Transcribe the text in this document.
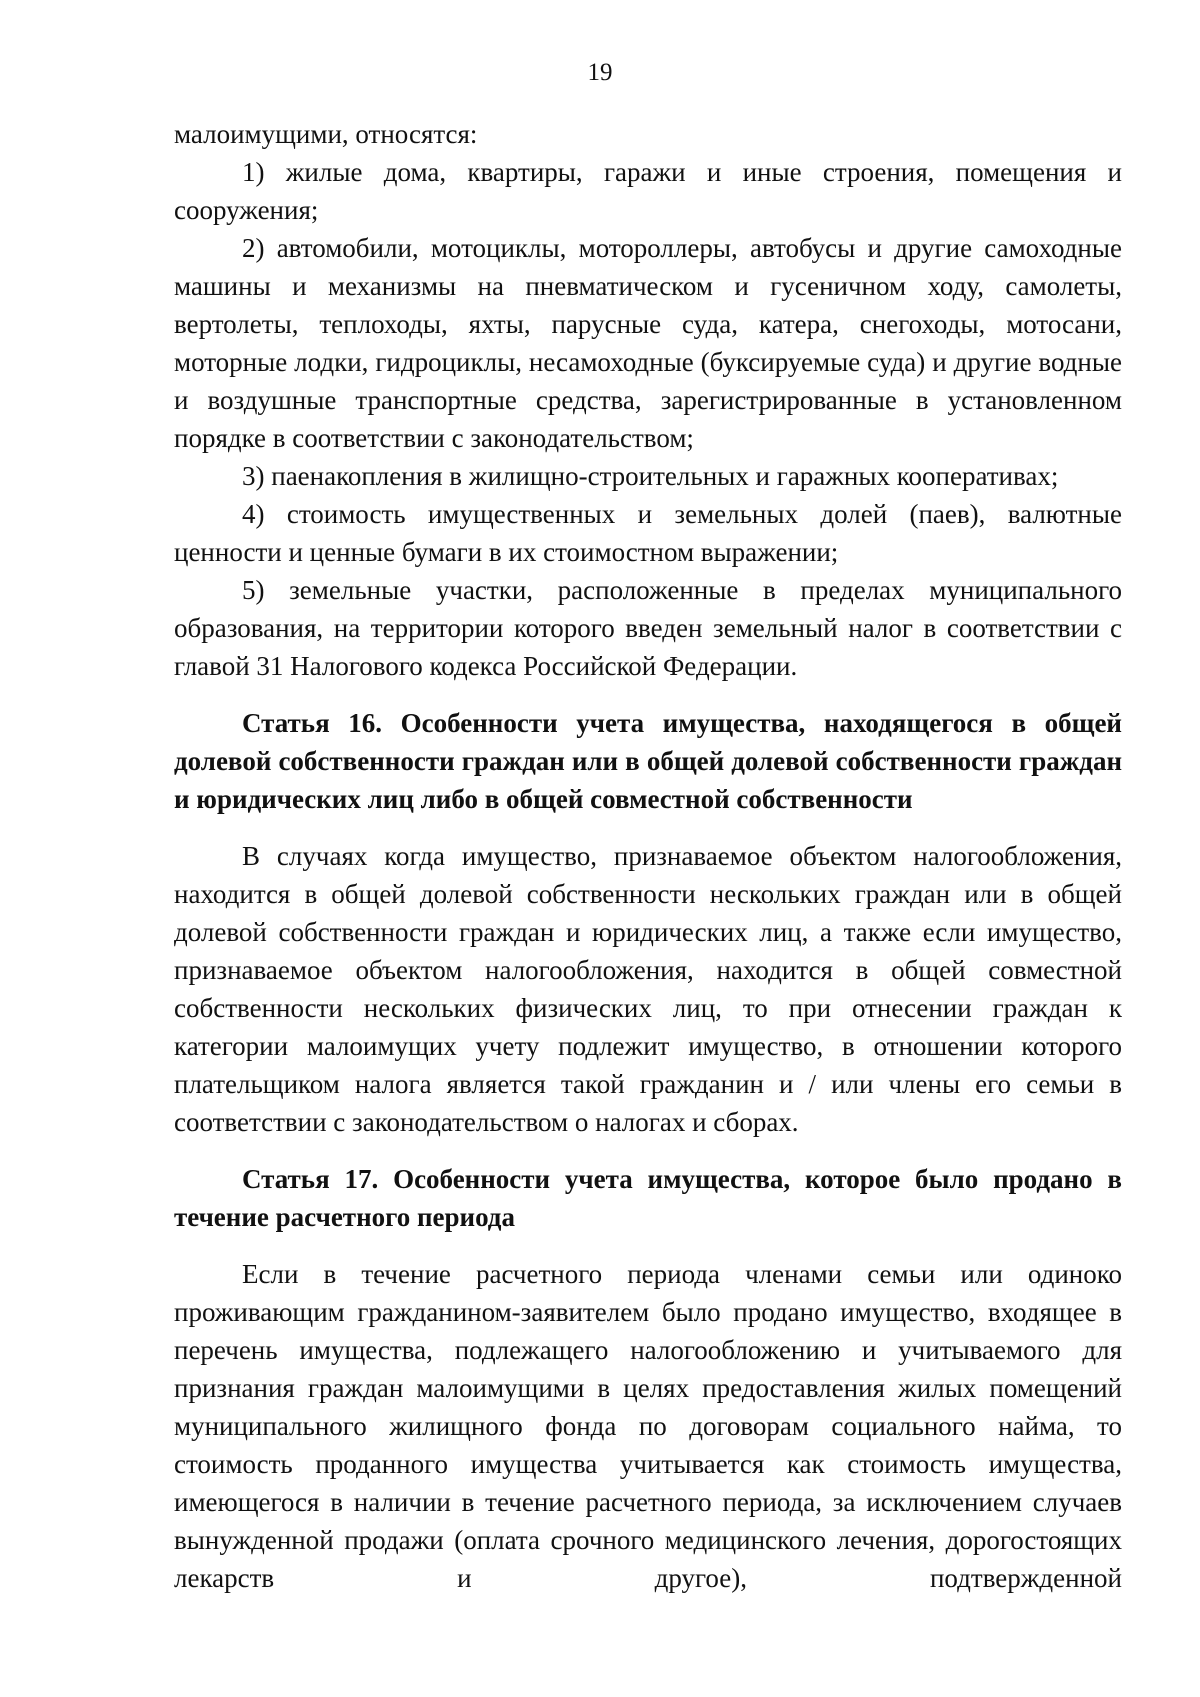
19

малоимущими, относятся:

1) жилые дома, квартиры, гаражи и иные строения, помещения и сооружения;

2) автомобили, мотоциклы, мотороллеры, автобусы и другие самоходные машины и механизмы на пневматическом и гусеничном ходу, самолеты, вертолеты, теплоходы, яхты, парусные суда, катера, снегоходы, мотосани, моторные лодки, гидроциклы, несамоходные (буксируемые суда) и другие водные и воздушные транспортные средства, зарегистрированные в установленном порядке в соответствии с законодательством;

3) паенакопления в жилищно-строительных и гаражных кооперативах;

4) стоимость имущественных и земельных долей (паев), валютные ценности и ценные бумаги в их стоимостном выражении;

5) земельные участки, расположенные в пределах муниципального образования, на территории которого введен земельный налог в соответствии с главой 31 Налогового кодекса Российской Федерации.

Статья 16. Особенности учета имущества, находящегося в общей долевой собственности граждан или в общей долевой собственности граждан и юридических лиц либо в общей совместной собственности

В случаях когда имущество, признаваемое объектом налогообложения, находится в общей долевой собственности нескольких граждан или в общей долевой собственности граждан и юридических лиц, а также если имущество, признаваемое объектом налогообложения, находится в общей совместной собственности нескольких физических лиц, то при отнесении граждан к категории малоимущих учету подлежит имущество, в отношении которого плательщиком налога является такой гражданин и / или члены его семьи в соответствии с законодательством о налогах и сборах.

Статья 17. Особенности учета имущества, которое было продано в течение расчетного периода

Если в течение расчетного периода членами семьи или одиноко проживающим гражданином-заявителем было продано имущество, входящее в перечень имущества, подлежащего налогообложению и учитываемого для признания граждан малоимущими в целях предоставления жилых помещений муниципального жилищного фонда по договорам социального найма, то стоимость проданного имущества учитывается как стоимость имущества, имеющегося в наличии в течение расчетного периода, за исключением случаев вынужденной продажи (оплата срочного медицинского лечения, дорогостоящих лекарств и другое), подтвержденной
